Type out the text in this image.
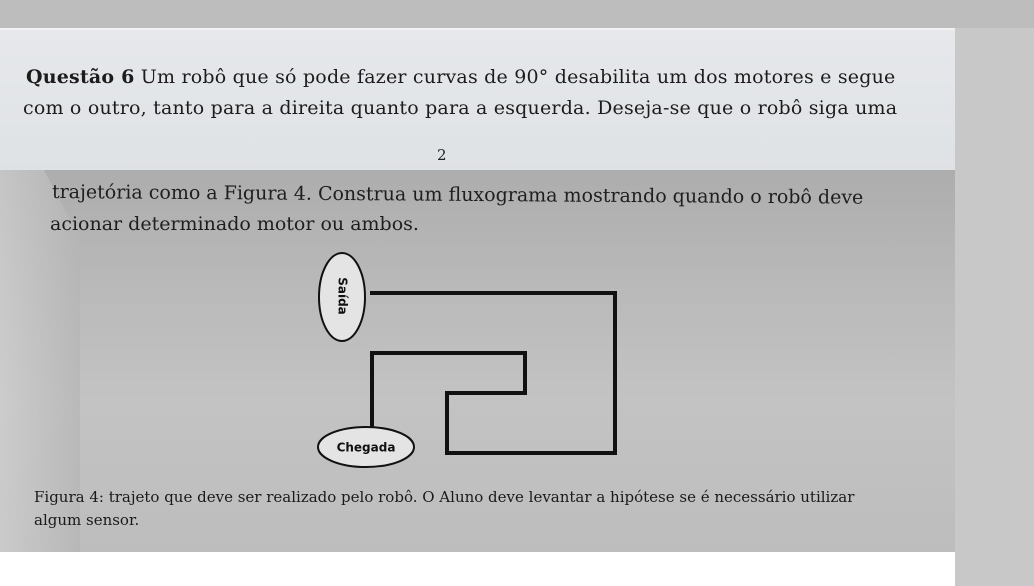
Questão 6 Um robô que só pode fazer curvas de 90° desabilita um dos motores e segue
com o outro, tanto para a direita quanto para a esquerda. Deseja-se que o robô siga uma
2
trajetória como a Figura 4. Construa um fluxograma mostrando quando o robô deve
acionar determinado motor ou ambos.
Saída
Chegada
Figura 4: trajeto que deve ser realizado pelo robô. O Aluno deve levantar a hipótese se é necessário utilizar
algum sensor.
